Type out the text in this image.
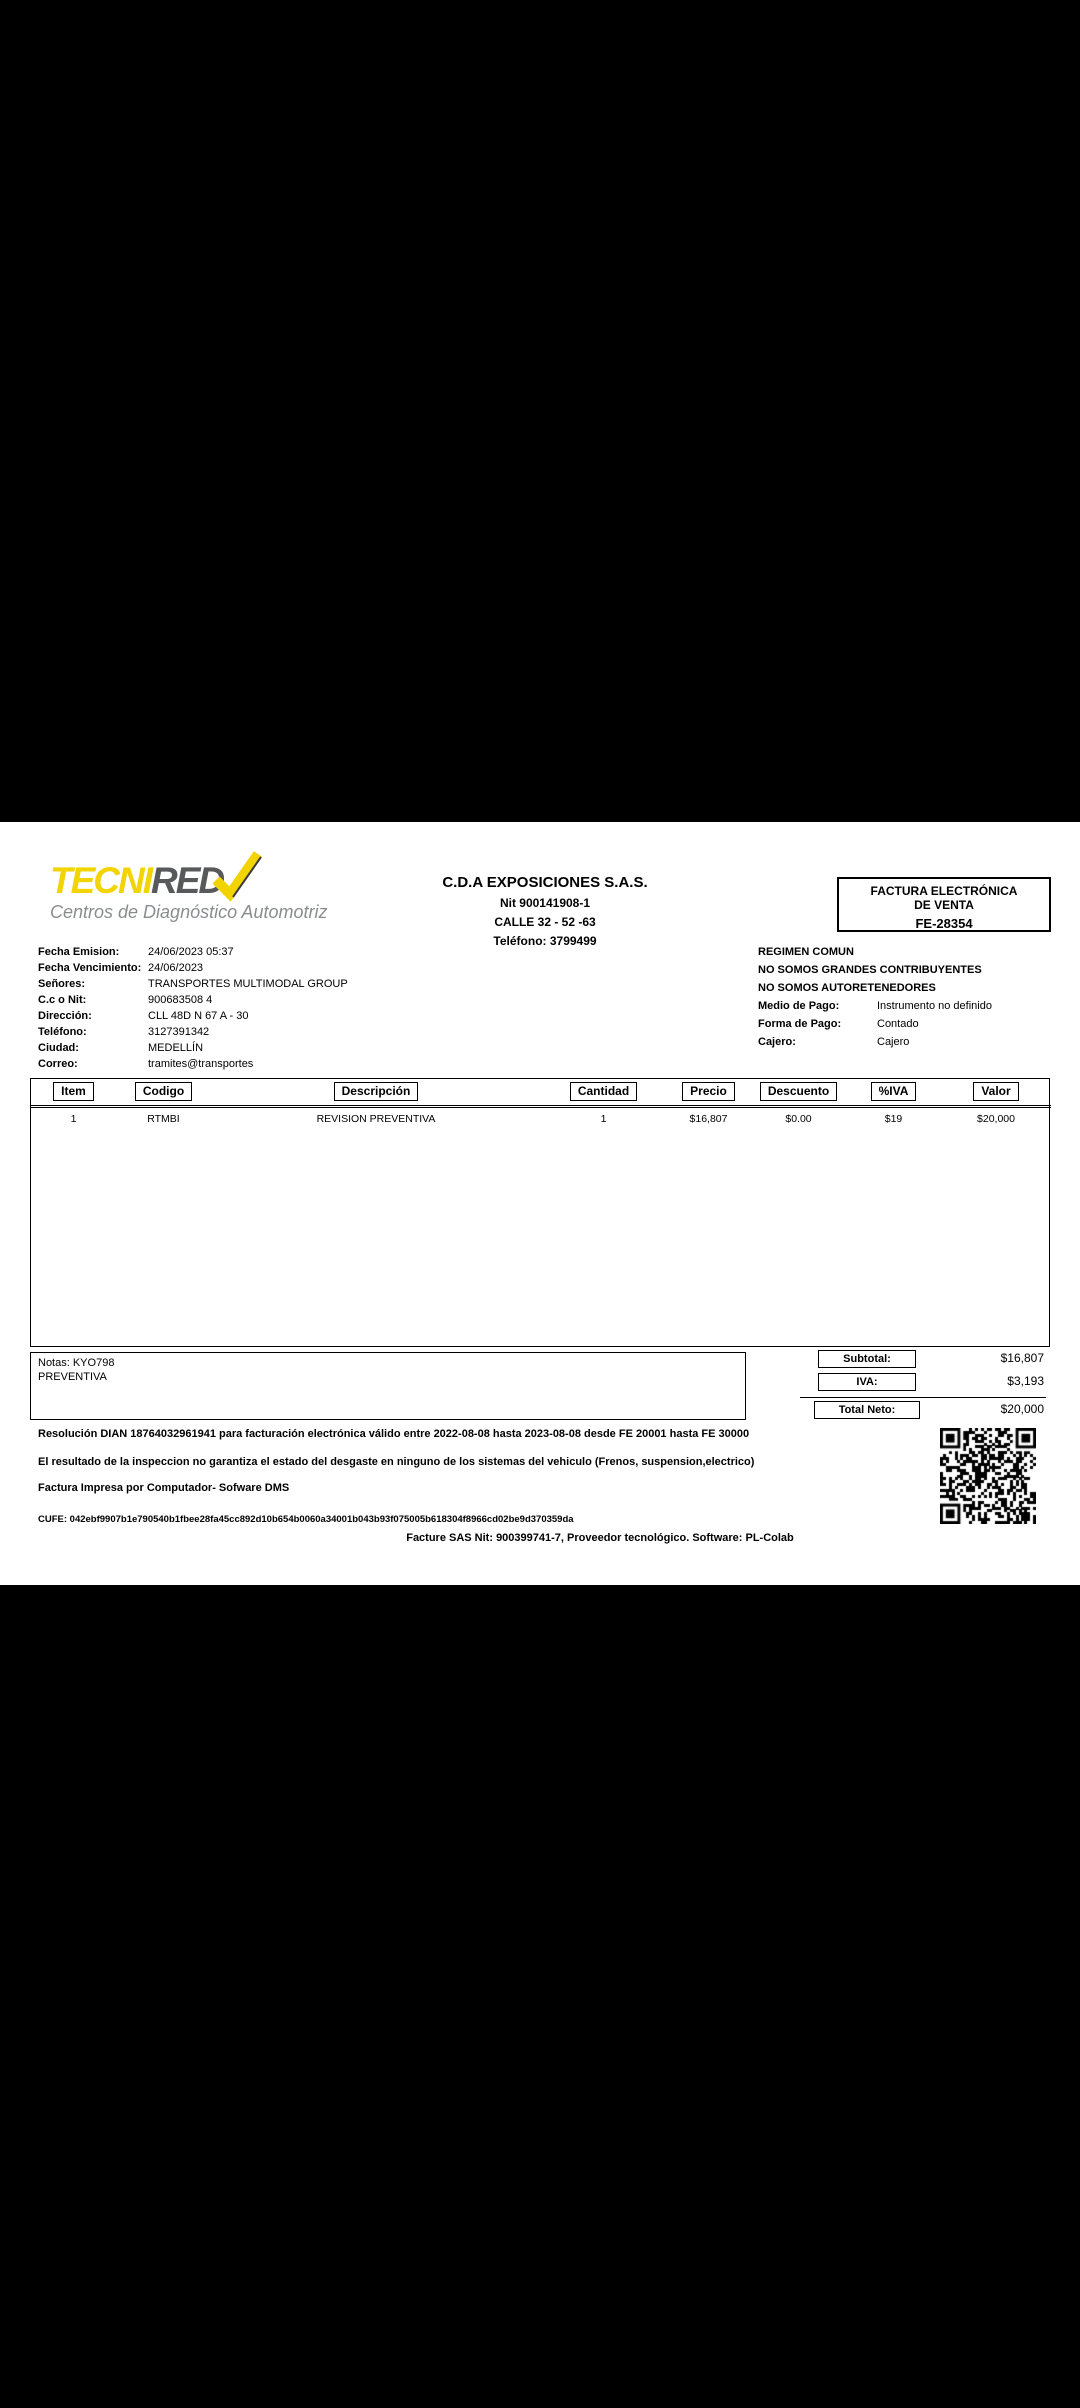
TECNIRED
Centros de Diagnóstico Automotriz
C.D.A EXPOSICIONES S.A.S.
Nit 900141908-1
CALLE 32 - 52 -63
Teléfono: 3799499
FACTURA ELECTRÓNICA
DE VENTA
FE-28354
Fecha Emision:	24/06/2023 05:37
Fecha Vencimiento: 24/06/2023
Señores:	TRANSPORTES MULTIMODAL GROUP
C.c o Nit:	900683508 4
Dirección:	CLL 48D N 67 A - 30
Teléfono:	3127391342
Ciudad:	MEDELLÍN
Correo:	tramites@transportes
REGIMEN COMUN
NO SOMOS GRANDES CONTRIBUYENTES
NO SOMOS AUTORETENEDORES
Medio de Pago:	Instrumento no definido
Forma de Pago:	Contado
Cajero:	Cajero
Item	Codigo	Descripción	Cantidad	Precio	Descuento	%IVA	Valor
1	RTMBI	REVISION PREVENTIVA	1	$16,807	$0.00	$19	$20,000
Notas: KYO798
PREVENTIVA
Subtotal:	$16,807
IVA:	$3,193
Total Neto:	$20,000
Resolución DIAN 18764032961941 para facturación electrónica válido entre 2022-08-08 hasta 2023-08-08 desde FE 20001 hasta FE 30000
El resultado de la inspeccion no garantiza el estado del desgaste en ninguno de los sistemas del vehiculo (Frenos, suspension,electrico)
Factura Impresa por Computador- Sofware DMS
CUFE: 042ebf9907b1e790540b1fbee28fa45cc892d10b654b0060a34001b043b93f075005b618304f8966cd02be9d370359da
Facture SAS Nit: 900399741-7, Proveedor tecnológico. Software: PL-Colab
